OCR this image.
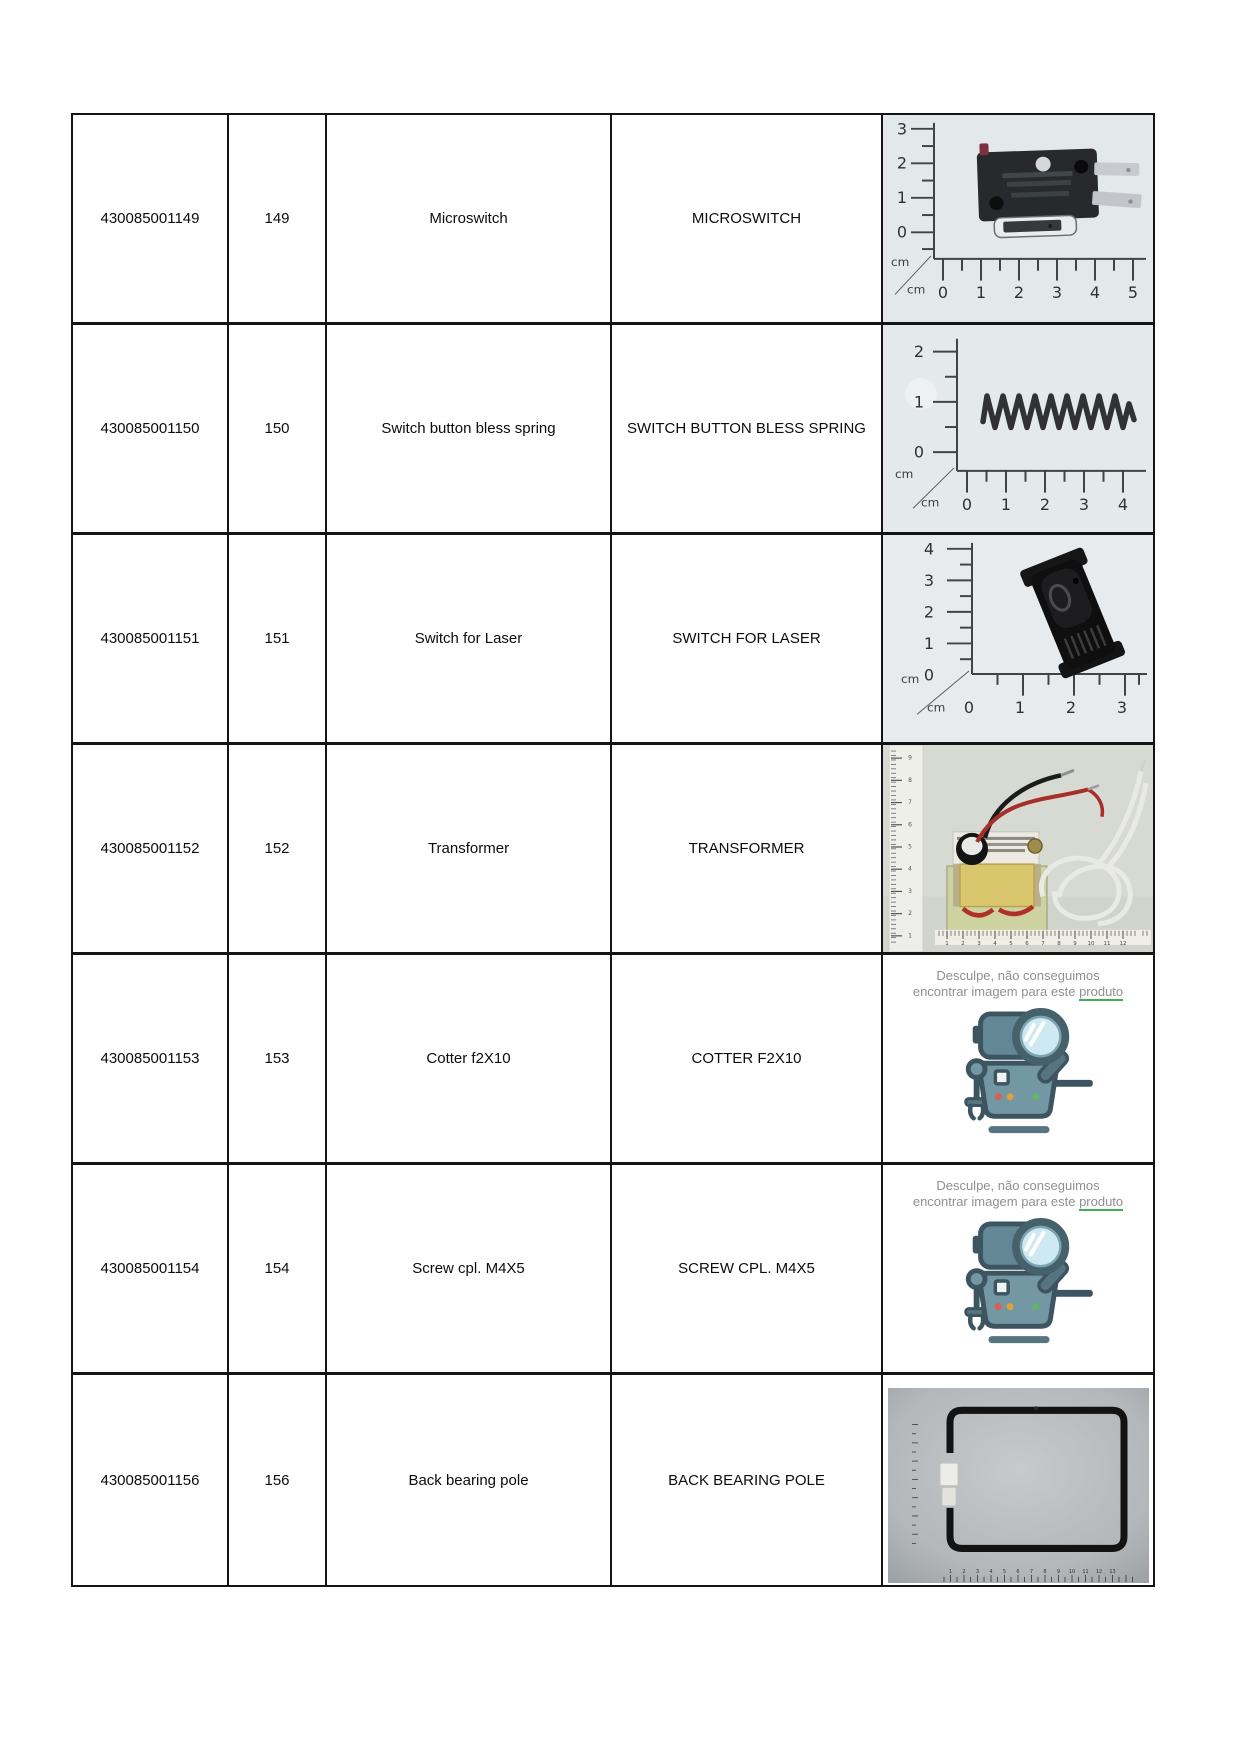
430085001149	149	Microswitch	MICROSWITCH
3
2
1
0
0 1 2 3 4 5
cm
cm
430085001150	150	Switch button bless spring	SWITCH BUTTON BLESS SPRING
2
1
0
0 1 2 3 4
cm
cm
430085001151	151	Switch for Laser	SWITCH FOR LASER
4
3
2
1
0
0	1	2	3
cm
cm
430085001152	152	Transformer	TRANSFORMER
9
8
7
6
5
4
3
2
1
1 2 3 4 5 6 7 8 9 10 11 12
430085001153	153	Cotter f2X10	COTTER F2X10
Desculpe, não conseguimos
encontrar imagem para este produto
430085001154	154	Screw cpl. M4X5	SCREW CPL. M4X5
Desculpe, não conseguimos
encontrar imagem para este produto
430085001156	156	Back bearing pole	BACK BEARING POLE
1 2 3 4 5 6 7 8 9 10 11 12 13
